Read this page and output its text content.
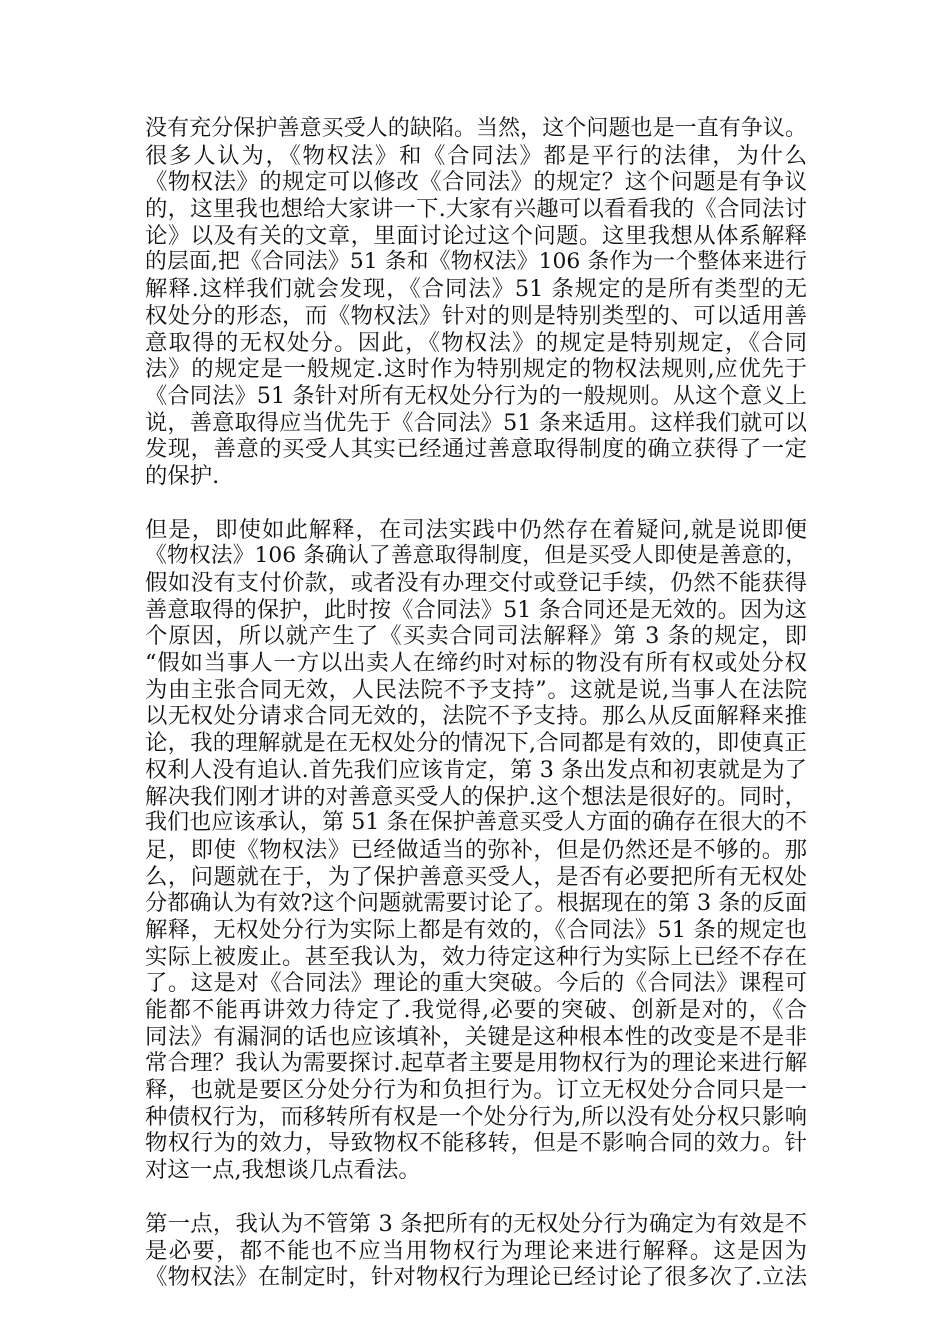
没有充分保护善意买受人的缺陷。当然，这个问题也是一直有争议。
很多人认为，《物权法》和《合同法》都是平行的法律，为什么
《物权法》的规定可以修改《合同法》的规定？这个问题是有争议
的，这里我也想给大家讲一下.大家有兴趣可以看看我的《合同法讨
论》以及有关的文章，里面讨论过这个问题。这里我想从体系解释
的层面,把《合同法》51 条和《物权法》106 条作为一个整体来进行
解释.这样我们就会发现，《合同法》51 条规定的是所有类型的无
权处分的形态，而《物权法》针对的则是特别类型的、可以适用善
意取得的无权处分。因此，《物权法》的规定是特别规定，《合同
法》的规定是一般规定.这时作为特别规定的物权法规则,应优先于
《合同法》51 条针对所有无权处分行为的一般规则。从这个意义上
说，善意取得应当优先于《合同法》51 条来适用。这样我们就可以
发现，善意的买受人其实已经通过善意取得制度的确立获得了一定
的保护.
但是，即使如此解释，在司法实践中仍然存在着疑问,就是说即便
《物权法》106 条确认了善意取得制度，但是买受人即使是善意的，
假如没有支付价款，或者没有办理交付或登记手续，仍然不能获得
善意取得的保护，此时按《合同法》51 条合同还是无效的。因为这
个原因，所以就产生了《买卖合同司法解释》第 3 条的规定，即
“假如当事人一方以出卖人在缔约时对标的物没有所有权或处分权
为由主张合同无效，人民法院不予支持”。这就是说,当事人在法院
以无权处分请求合同无效的，法院不予支持。那么从反面解释来推
论，我的理解就是在无权处分的情况下,合同都是有效的，即使真正
权利人没有追认.首先我们应该肯定，第 3 条出发点和初衷就是为了
解决我们刚才讲的对善意买受人的保护.这个想法是很好的。同时，
我们也应该承认，第 51 条在保护善意买受人方面的确存在很大的不
足，即使《物权法》已经做适当的弥补，但是仍然还是不够的。那
么，问题就在于，为了保护善意买受人，是否有必要把所有无权处
分都确认为有效?这个问题就需要讨论了。根据现在的第 3 条的反面
解释，无权处分行为实际上都是有效的，《合同法》51 条的规定也
实际上被废止。甚至我认为，效力待定这种行为实际上已经不存在
了。这是对《合同法》理论的重大突破。今后的《合同法》课程可
能都不能再讲效力待定了.我觉得,必要的突破、创新是对的，《合
同法》有漏洞的话也应该填补，关键是这种根本性的改变是不是非
常合理？我认为需要探讨.起草者主要是用物权行为的理论来进行解
释，也就是要区分处分行为和负担行为。订立无权处分合同只是一
种债权行为，而移转所有权是一个处分行为,所以没有处分权只影响
物权行为的效力，导致物权不能移转，但是不影响合同的效力。针
对这一点,我想谈几点看法。
第一点，我认为不管第 3 条把所有的无权处分行为确定为有效是不
是必要，都不能也不应当用物权行为理论来进行解释。这是因为
《物权法》在制定时，针对物权行为理论已经讨论了很多次了.立法
